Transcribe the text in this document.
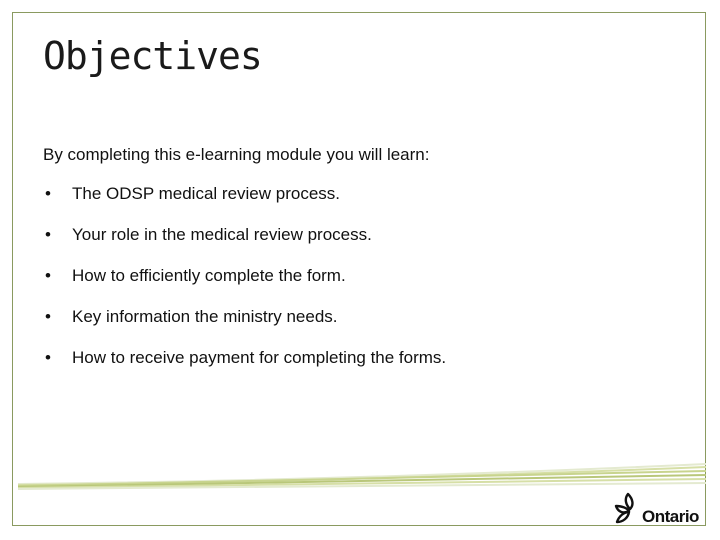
Objectives

By completing this e-learning module you will learn:

•	The ODSP medical review process.
•	Your role in the medical review process.
•	How to efficiently complete the form.
•	Key information the ministry needs.
•	How to receive payment for completing the forms.
Ontario
